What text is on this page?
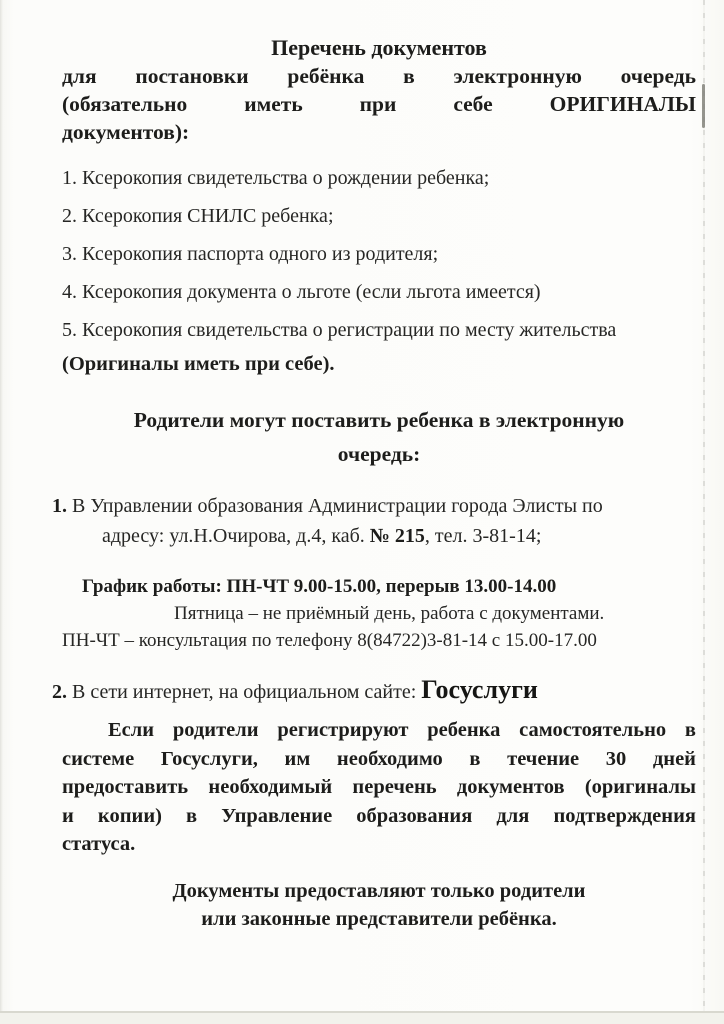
Перечень документов
для постановки ребёнка в электронную очередь
(обязательно иметь при себе ОРИГИНАЛЫ
документов):
1. Ксерокопия свидетельства о рождении ребенка;
2. Ксерокопия СНИЛС ребенка;
3. Ксерокопия паспорта одного из родителя;
4. Ксерокопия документа о льготе (если льгота имеется)
5. Ксерокопия свидетельства о регистрации по месту жительства
(Оригиналы иметь при себе).
Родители могут поставить ребенка в электронную
очередь:
1. В Управлении образования Администрации города Элисты по
адресу: ул.Н.Очирова, д.4, каб. № 215, тел. 3-81-14;
График работы: ПН-ЧТ 9.00-15.00, перерыв 13.00-14.00
Пятница – не приёмный день, работа с документами.
ПН-ЧТ – консультация по телефону 8(84722)3-81-14 с 15.00-17.00
2. В сети интернет, на официальном сайте: Госуслуги
Если родители регистрируют ребенка самостоятельно в
системе Госуслуги, им необходимо в течение 30 дней
предоставить необходимый перечень документов (оригиналы
и копии) в Управление образования для подтверждения
статуса.
Документы предоставляют только родители
или законные представители ребёнка.
